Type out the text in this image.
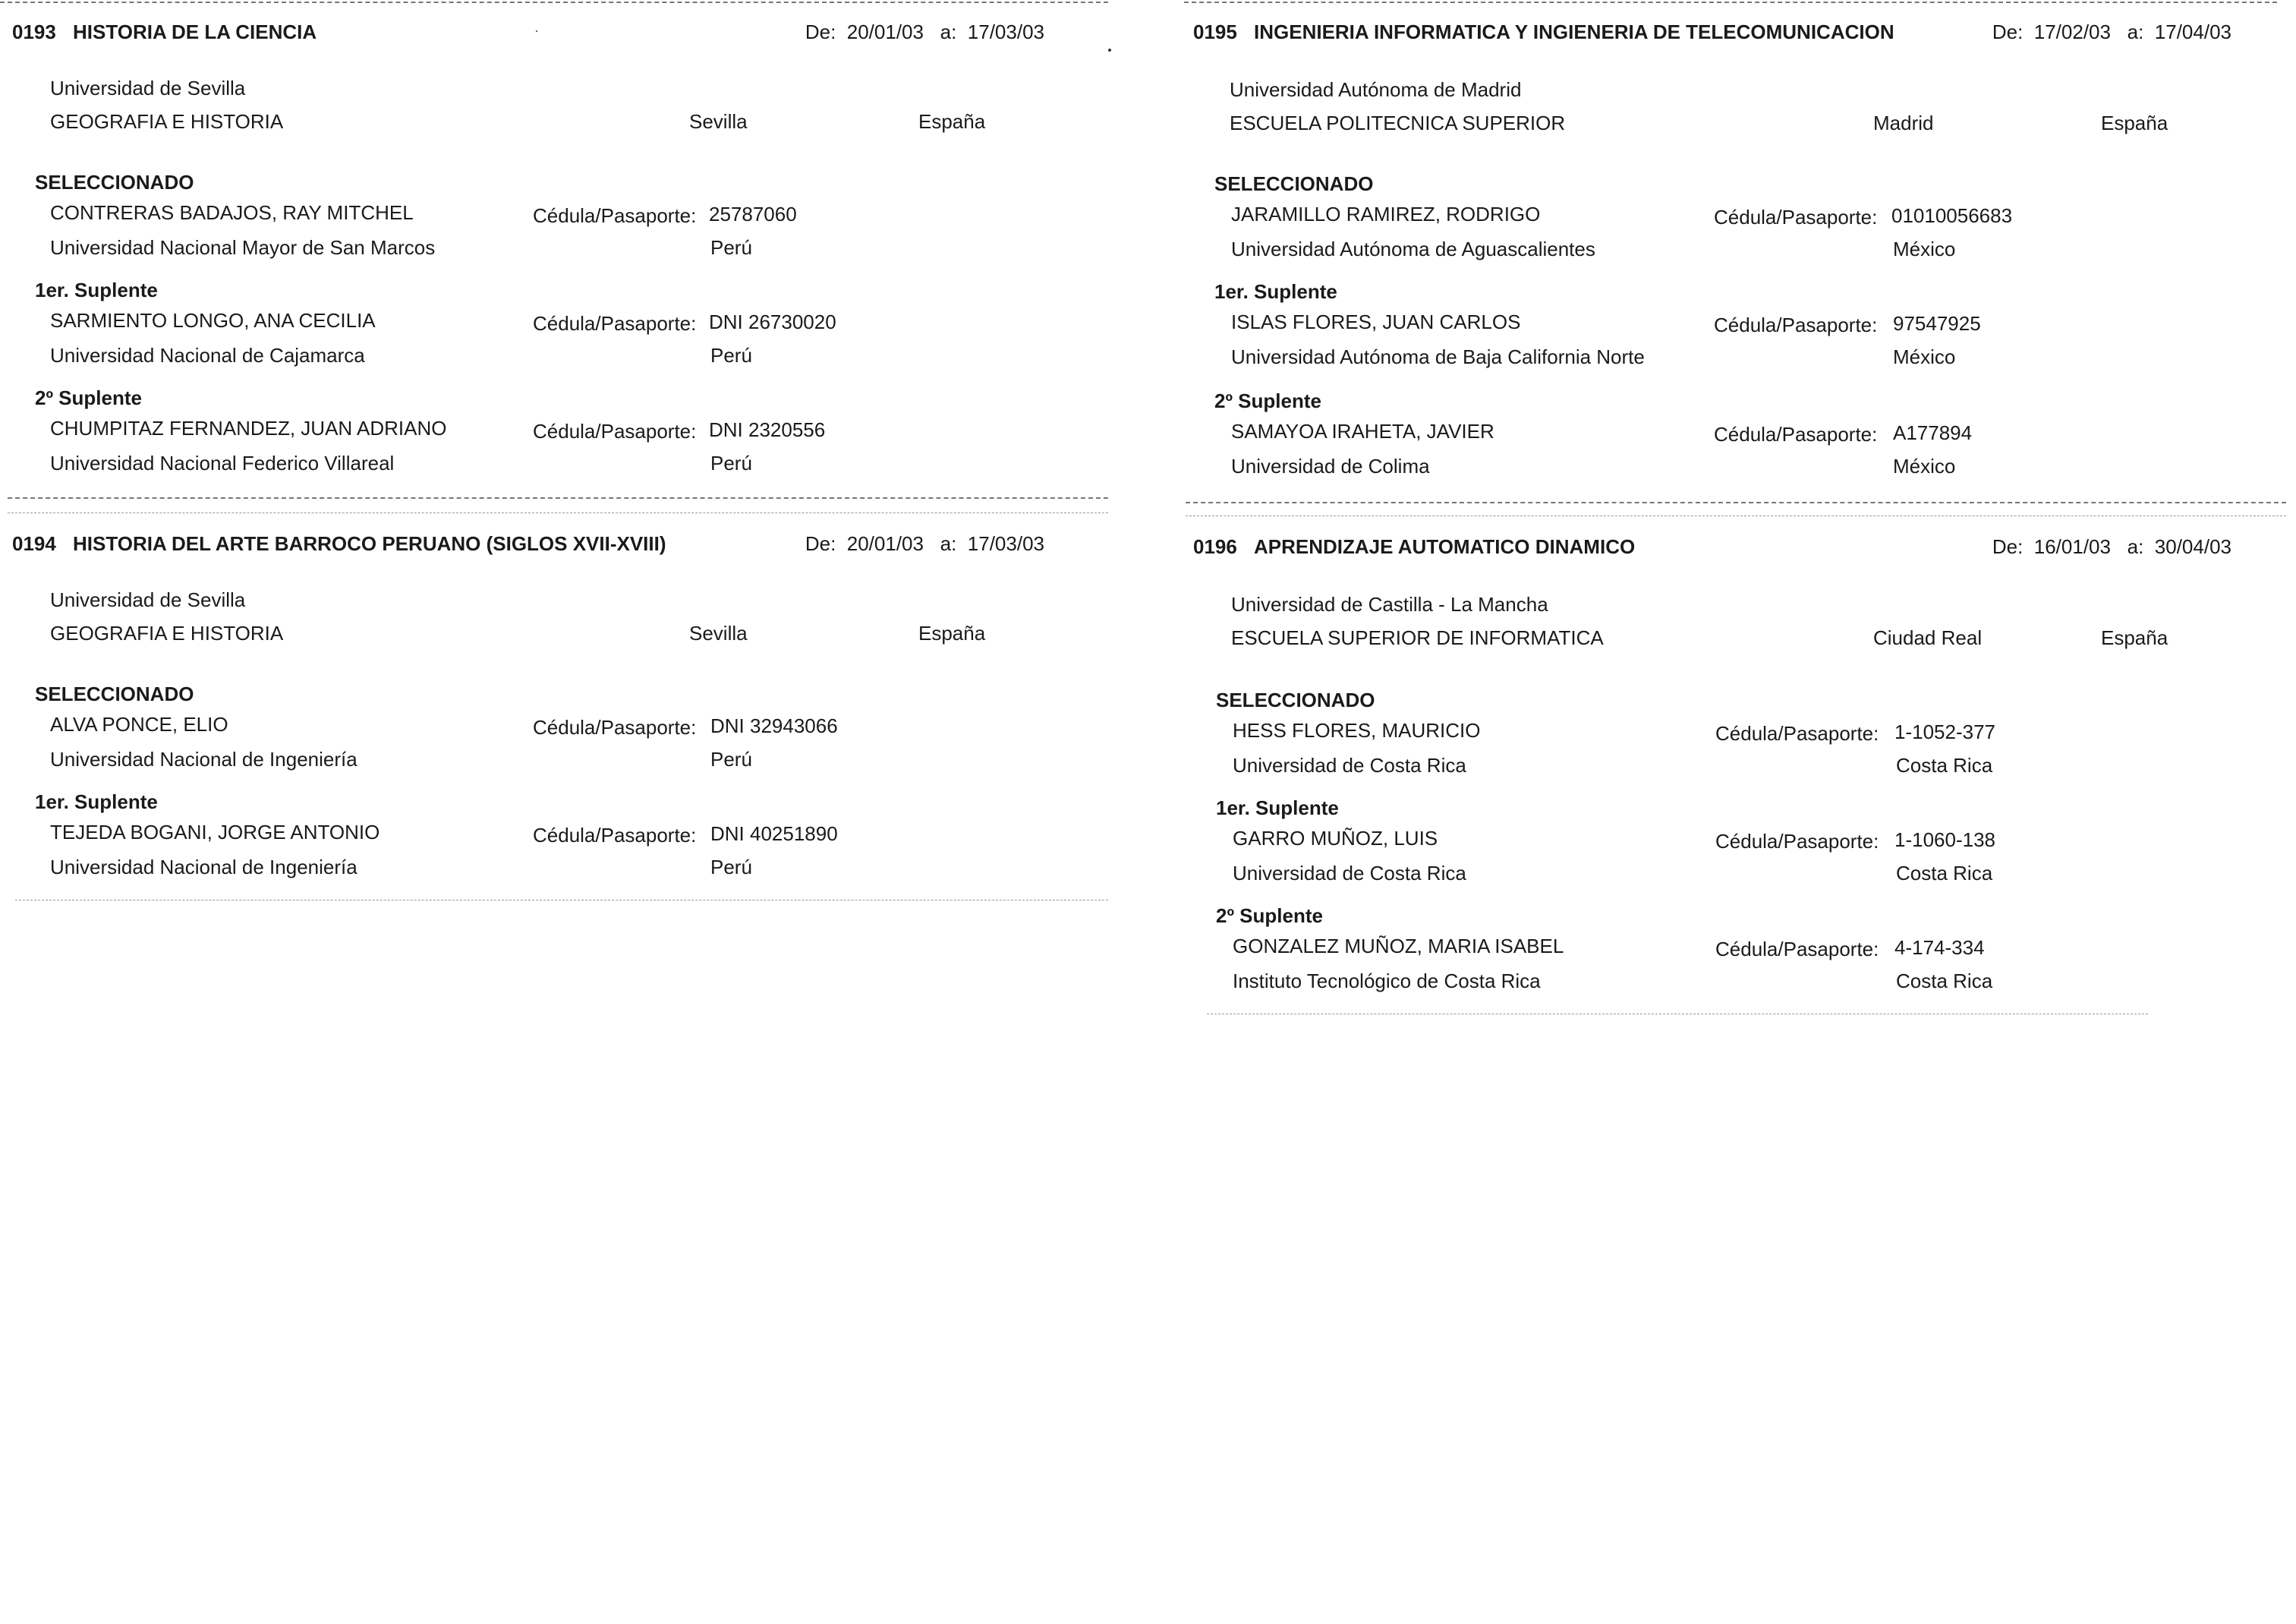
0193 HISTORIA DE LA CIENCIA	De: 20/01/03 a: 17/03/03
Universidad de Sevilla
GEOGRAFIA E HISTORIA	Sevilla	España
SELECCIONADO
CONTRERAS BADAJOS, RAY MITCHEL	Cédula/Pasaporte: 25787060
Universidad Nacional Mayor de San Marcos	Perú
1er. Suplente
SARMIENTO LONGO, ANA CECILIA	Cédula/Pasaporte: DNI 26730020
Universidad Nacional de Cajamarca	Perú
2º Suplente
CHUMPITAZ FERNANDEZ, JUAN ADRIANO	Cédula/Pasaporte: DNI 2320556
Universidad Nacional Federico Villareal	Perú
0194 HISTORIA DEL ARTE BARROCO PERUANO (SIGLOS XVII-XVIII)	De: 20/01/03 a: 17/03/03
Universidad de Sevilla
GEOGRAFIA E HISTORIA	Sevilla	España
SELECCIONADO
ALVA PONCE, ELIO	Cédula/Pasaporte: DNI 32943066
Universidad Nacional de Ingeniería	Perú
1er. Suplente
TEJEDA BOGANI, JORGE ANTONIO	Cédula/Pasaporte: DNI 40251890
Universidad Nacional de Ingeniería	Perú
0195 INGENIERIA INFORMATICA Y INGIENERIA DE TELECOMUNICACION	De: 17/02/03 a: 17/04/03
Universidad Autónoma de Madrid
ESCUELA POLITECNICA SUPERIOR	Madrid	España
SELECCIONADO
JARAMILLO RAMIREZ, RODRIGO	Cédula/Pasaporte: 01010056683
Universidad Autónoma de Aguascalientes	México
1er. Suplente
ISLAS FLORES, JUAN CARLOS	Cédula/Pasaporte: 97547925
Universidad Autónoma de Baja California Norte	México
2º Suplente
SAMAYOA IRAHETA, JAVIER	Cédula/Pasaporte: A177894
Universidad de Colima	México
0196 APRENDIZAJE AUTOMATICO DINAMICO	De: 16/01/03 a: 30/04/03
Universidad de Castilla - La Mancha
ESCUELA SUPERIOR DE INFORMATICA	Ciudad Real	España
SELECCIONADO
HESS FLORES, MAURICIO	Cédula/Pasaporte: 1-1052-377
Universidad de Costa Rica	Costa Rica
1er. Suplente
GARRO MUÑOZ, LUIS	Cédula/Pasaporte: 1-1060-138
Universidad de Costa Rica	Costa Rica
2º Suplente
GONZALEZ MUÑOZ, MARIA ISABEL	Cédula/Pasaporte: 4-174-334
Instituto Tecnológico de Costa Rica	Costa Rica
